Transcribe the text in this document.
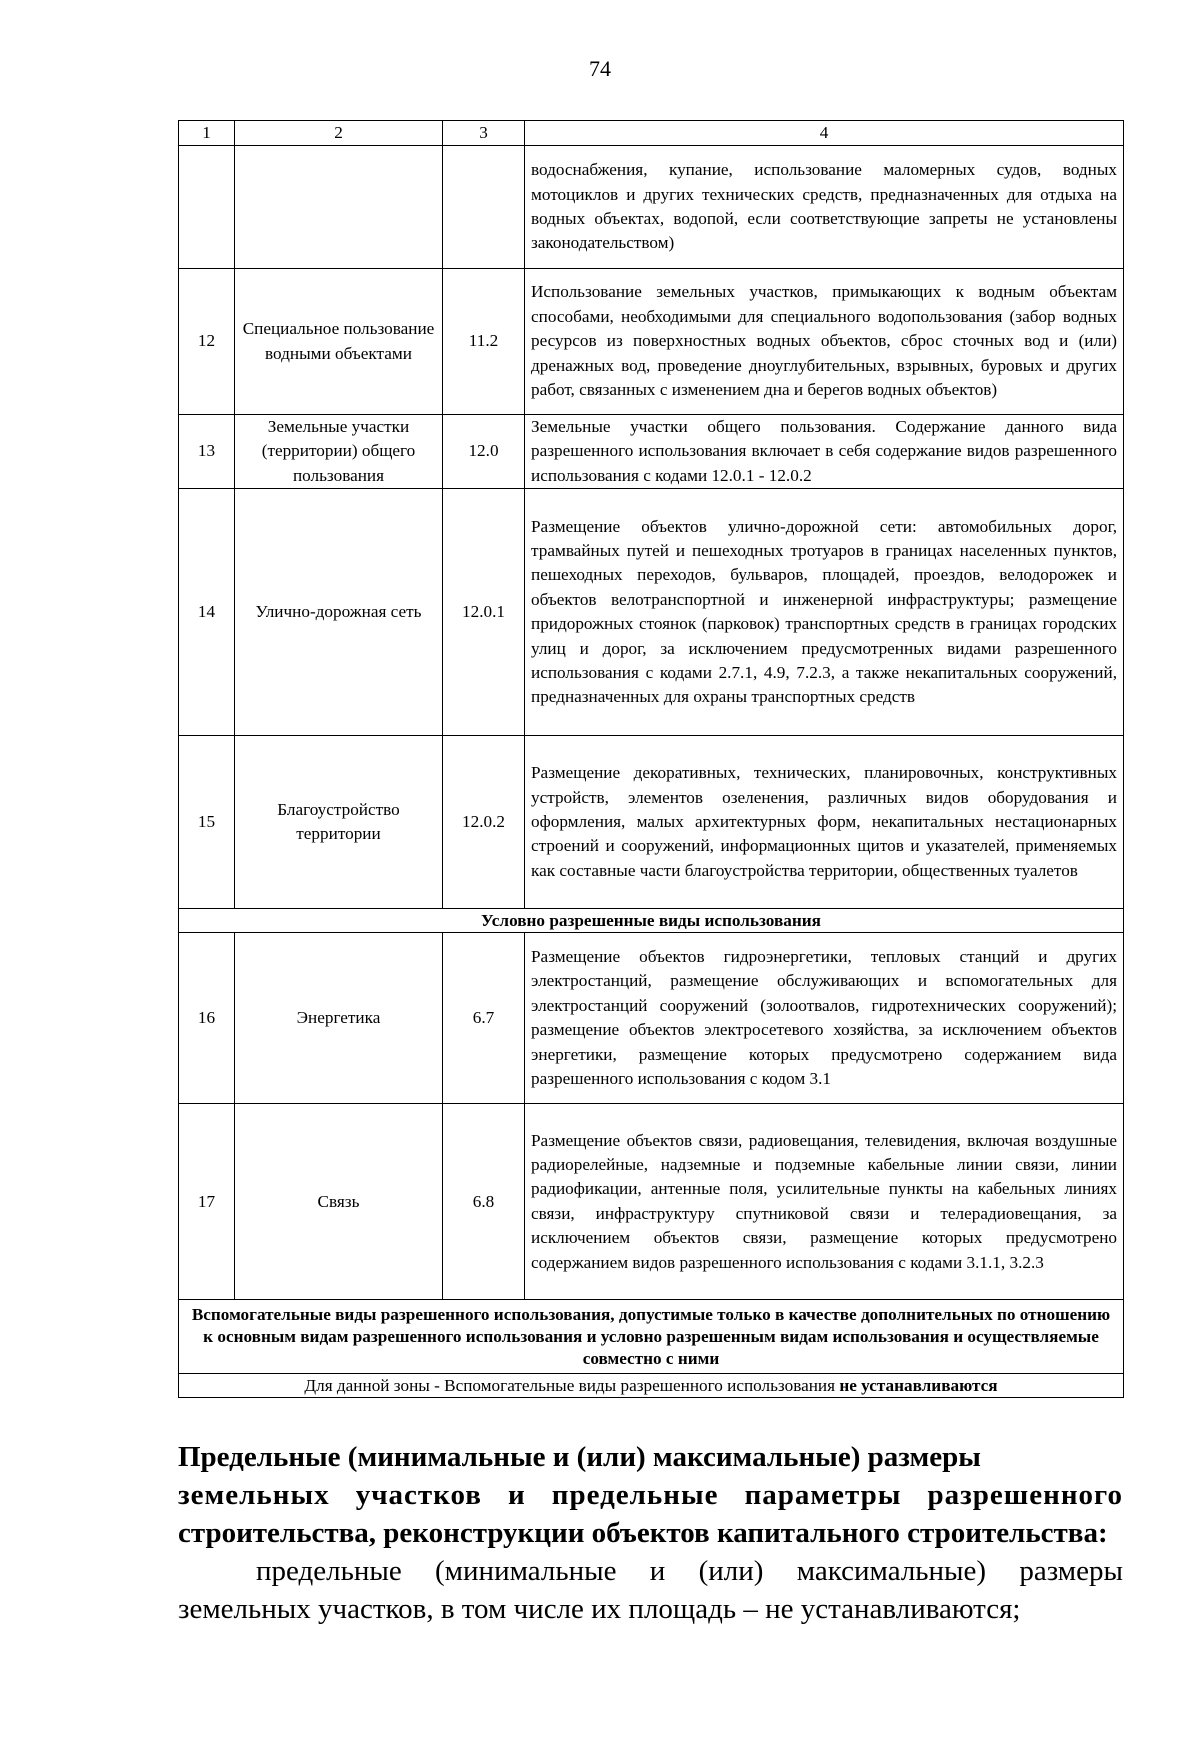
74
1	2	3	4
			водоснабжения, купание, использование маломерных судов, водных мотоциклов и других технических средств, предназначенных для отдыха на водных объектах, водопой, если соответствующие запреты не установлены законодательством)
12	Специальное пользование водными объектами	11.2	Использование земельных участков, примыкающих к водным объектам способами, необходимыми для специального водопользования (забор водных ресурсов из поверхностных водных объектов, сброс сточных вод и (или) дренажных вод, проведение дноуглубительных, взрывных, буровых и других работ, связанных с изменением дна и берегов водных объектов)
13	Земельные участки (территории) общего пользования	12.0	Земельные участки общего пользования. Содержание данного вида разрешенного использования включает в себя содержание видов разрешенного использования с кодами 12.0.1 - 12.0.2
14	Улично-дорожная сеть	12.0.1	Размещение объектов улично-дорожной сети: автомобильных дорог, трамвайных путей и пешеходных тротуаров в границах населенных пунктов, пешеходных переходов, бульваров, площадей, проездов, велодорожек и объектов велотранспортной и инженерной инфраструктуры; размещение придорожных стоянок (парковок) транспортных средств в границах городских улиц и дорог, за исключением предусмотренных видами разрешенного использования с кодами 2.7.1, 4.9, 7.2.3, а также некапитальных сооружений, предназначенных для охраны транспортных средств
15	Благоустройство территории	12.0.2	Размещение декоративных, технических, планировочных, конструктивных устройств, элементов озеленения, различных видов оборудования и оформления, малых архитектурных форм, некапитальных нестационарных строений и сооружений, информационных щитов и указателей, применяемых как составные части благоустройства территории, общественных туалетов
Условно разрешенные виды использования			
16	Энергетика	6.7	Размещение объектов гидроэнергетики, тепловых станций и других электростанций, размещение обслуживающих и вспомогательных для электростанций сооружений (золоотвалов, гидротехнических сооружений); размещение объектов электросетевого хозяйства, за исключением объектов энергетики, размещение которых предусмотрено содержанием вида разрешенного использования с кодом 3.1
17	Связь	6.8	Размещение объектов связи, радиовещания, телевидения, включая воздушные радиорелейные, надземные и подземные кабельные линии связи, линии радиофикации, антенные поля, усилительные пункты на кабельных линиях связи, инфраструктуру спутниковой связи и телерадиовещания, за исключением объектов связи, размещение которых предусмотрено содержанием видов разрешенного использования с кодами 3.1.1, 3.2.3
Вспомогательные виды разрешенного использования, допустимые только в качестве дополнительных по отношению к основным видам разрешенного использования и условно разрешенным видам использования и осуществляемые совместно с ними			
Для данной зоны - Вспомогательные виды разрешенного использования не устанавливаются			
Предельные (минимальные и (или) максимальные) размеры
земельных участков и предельные параметры разрешенного
строительства, реконструкции объектов капитального строительства:

предельные (минимальные и (или) максимальные) размеры земельных участков, в том числе их площадь – не устанавливаются;
